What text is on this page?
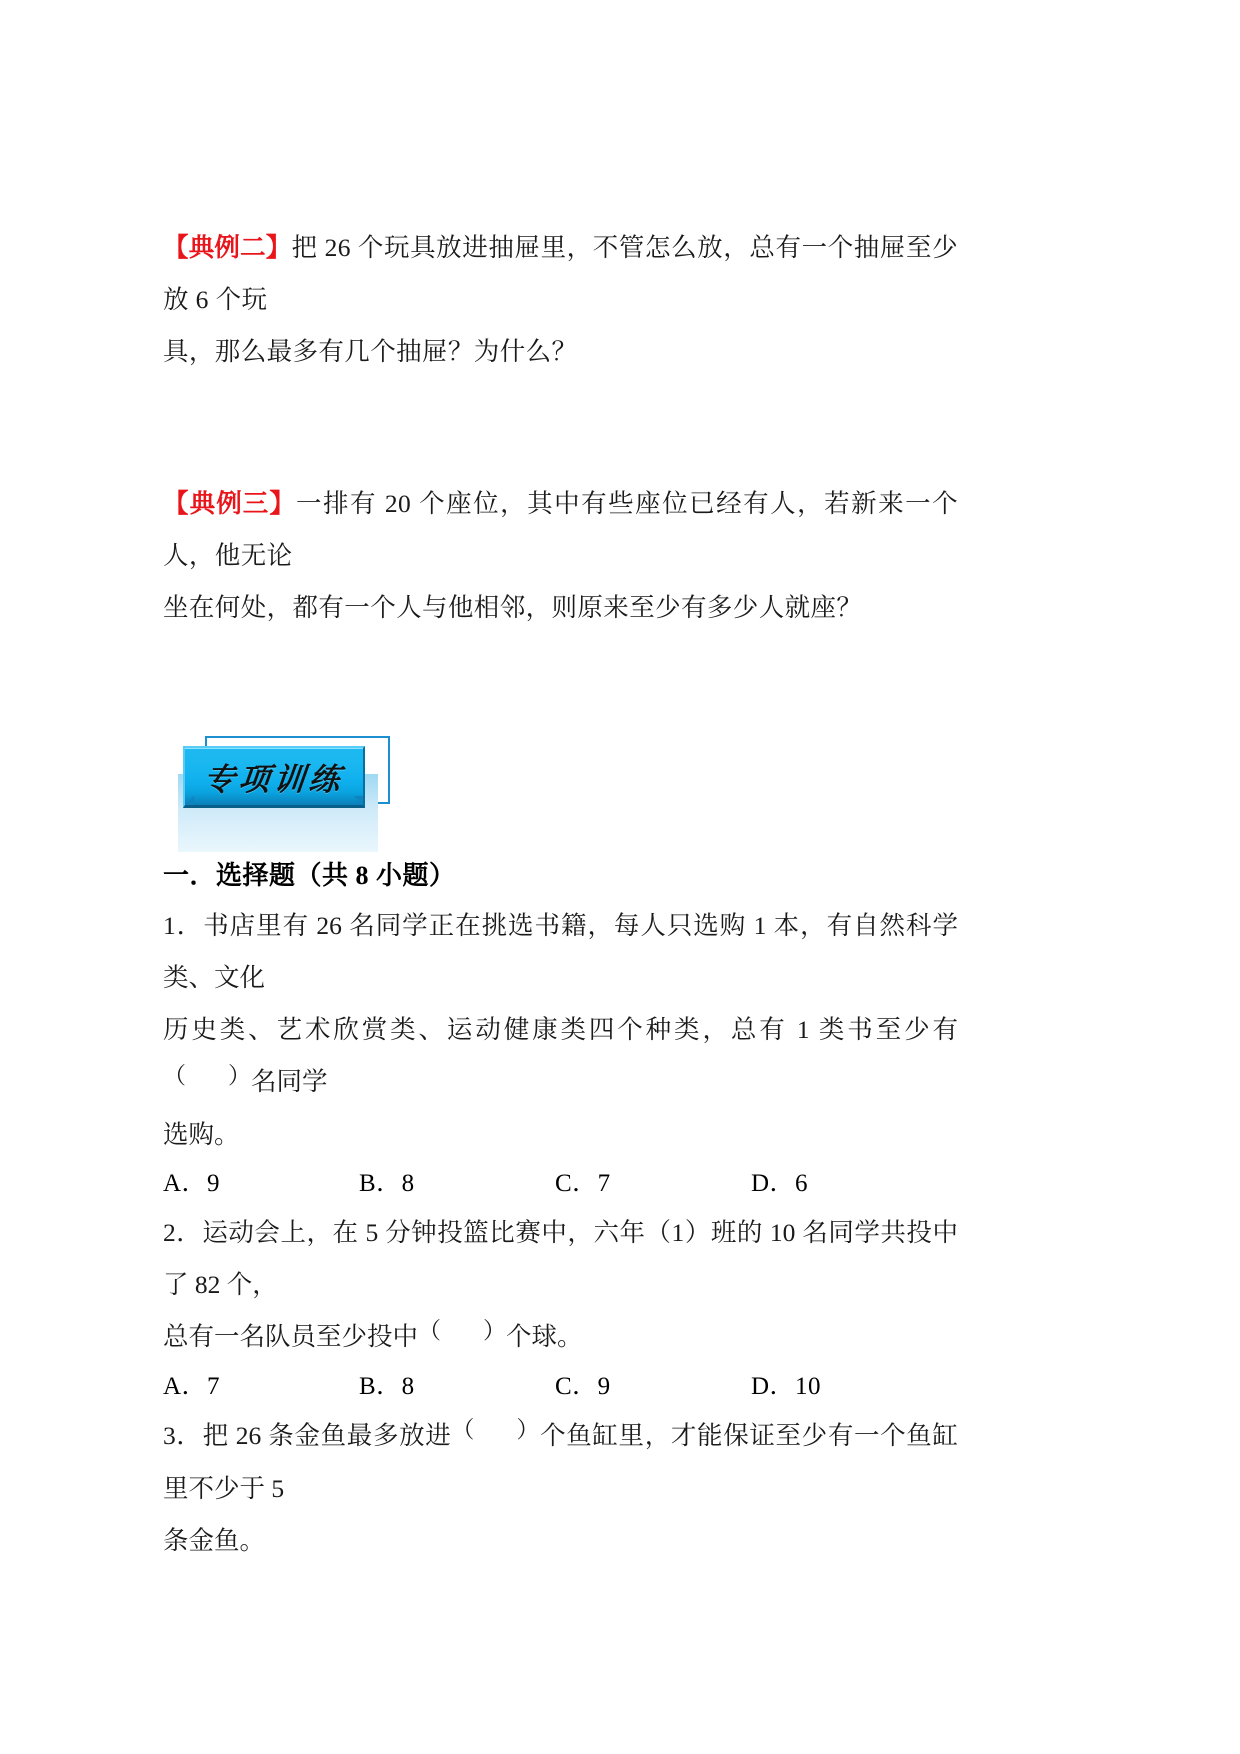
【典例二】把 26 个玩具放进抽屉里，不管怎么放，总有一个抽屉至少放 6 个玩
具，那么最多有几个抽屉？为什么？
【典例三】一排有 20 个座位，其中有些座位已经有人，若新来一个人，他无论
坐在何处，都有一个人与他相邻，则原来至少有多少人就座？
专项训练
一．选择题（共 8 小题）
1．书店里有 26 名同学正在挑选书籍，每人只选购 1 本，有自然科学类、文化
历史类、艺术欣赏类、运动健康类四个种类，总有 1 类书至少有（ ）名同学
选购。
A．9	B．8	C．7	D．6
2．运动会上，在 5 分钟投篮比赛中，六年（1）班的 10 名同学共投中了 82 个，
总有一名队员至少投中（ ）个球。
A．7	B．8	C．9	D．10
3．把 26 条金鱼最多放进（ ）个鱼缸里，才能保证至少有一个鱼缸里不少于 5
条金鱼。
